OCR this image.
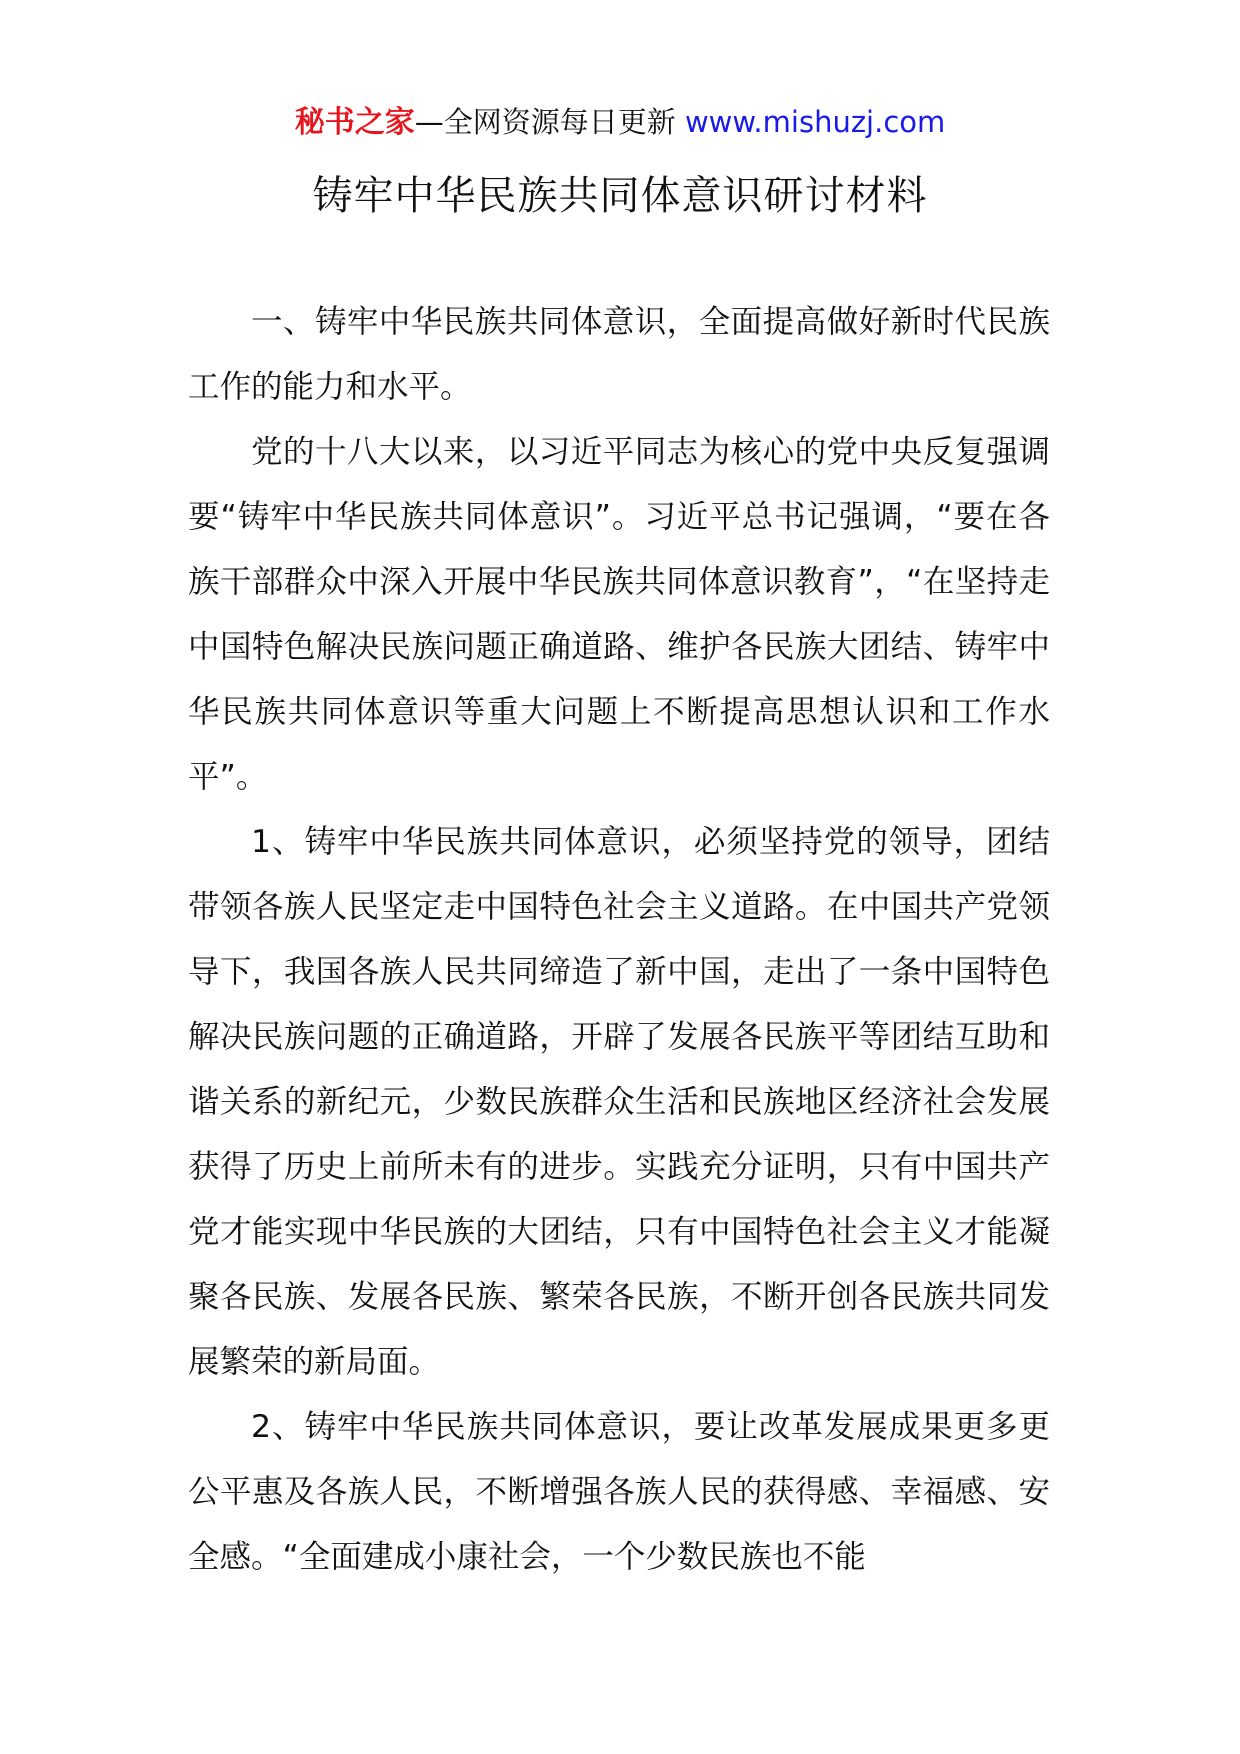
秘书之家—全网资源每日更新 www.mishuzj.com
铸牢中华民族共同体意识研讨材料

一、铸牢中华民族共同体意识，全面提高做好新时代民族工作的能力和水平。

党的十八大以来，以习近平同志为核心的党中央反复强调要“铸牢中华民族共同体意识”。习近平总书记强调，“要在各族干部群众中深入开展中华民族共同体意识教育”，“在坚持走中国特色解决民族问题正确道路、维护各民族大团结、铸牢中华民族共同体意识等重大问题上不断提高思想认识和工作水平”。

1、铸牢中华民族共同体意识，必须坚持党的领导，团结带领各族人民坚定走中国特色社会主义道路。在中国共产党领导下，我国各族人民共同缔造了新中国，走出了一条中国特色解决民族问题的正确道路，开辟了发展各民族平等团结互助和谐关系的新纪元，少数民族群众生活和民族地区经济社会发展获得了历史上前所未有的进步。实践充分证明，只有中国共产党才能实现中华民族的大团结，只有中国特色社会主义才能凝聚各民族、发展各民族、繁荣各民族，不断开创各民族共同发展繁荣的新局面。

2、铸牢中华民族共同体意识，要让改革发展成果更多更公平惠及各族人民，不断增强各族人民的获得感、幸福感、安全感。“全面建成小康社会，一个少数民族也不能
